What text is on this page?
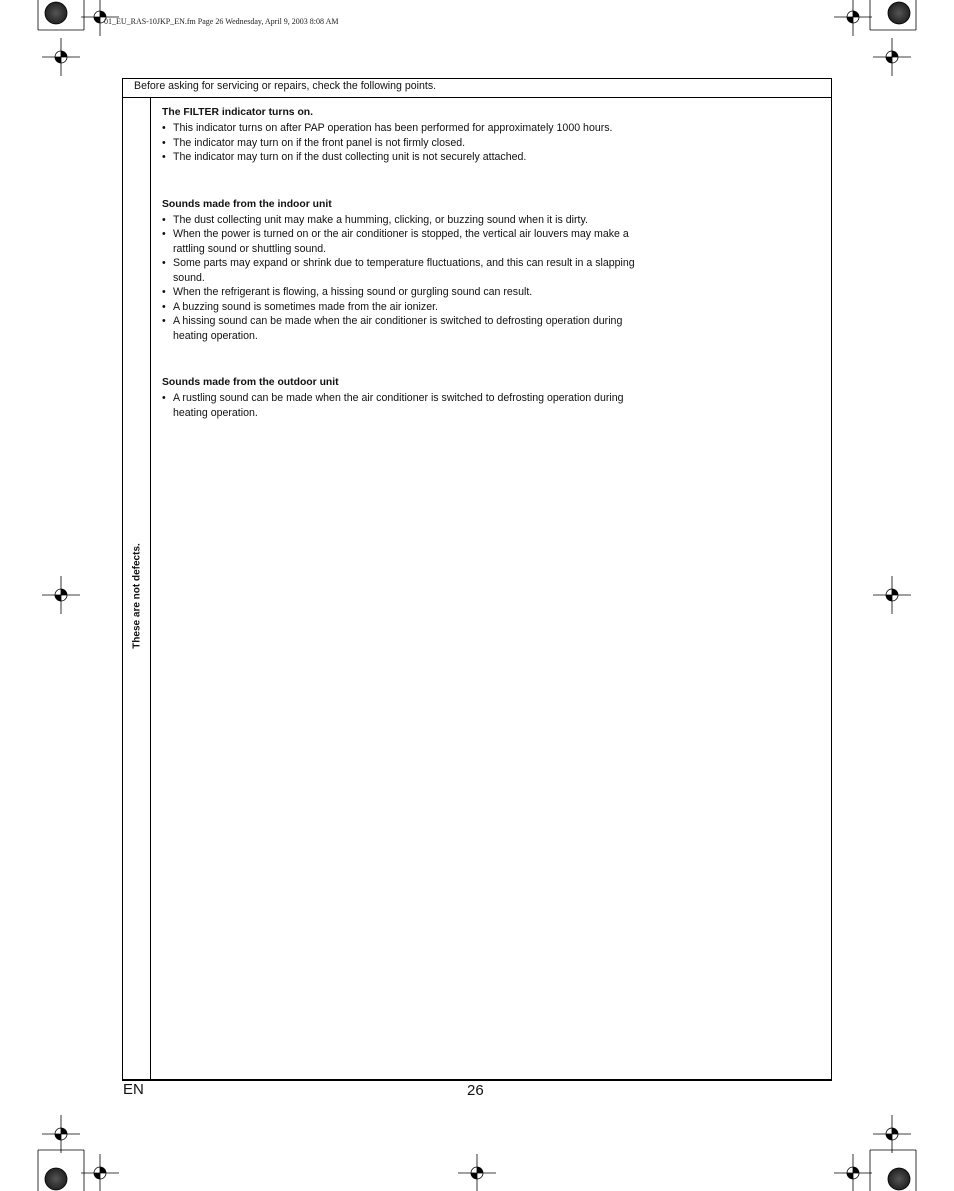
01_EU_RAS-10JKP_EN.fm Page 26 Wednesday, April 9, 2003 8:08 AM
Before asking for servicing or repairs, check the following points.
These are not defects.
The FILTER indicator turns on.
• This indicator turns on after PAP operation has been performed for approximately 1000 hours.
• The indicator may turn on if the front panel is not firmly closed.
• The indicator may turn on if the dust collecting unit is not securely attached.
Sounds made from the indoor unit
• The dust collecting unit may make a humming, clicking, or buzzing sound when it is dirty.
• When the power is turned on or the air conditioner is stopped, the vertical air louvers may make a rattling sound or shuttling sound.
• Some parts may expand or shrink due to temperature fluctuations, and this can result in a slapping sound.
• When the refrigerant is flowing, a hissing sound or gurgling sound can result.
• A buzzing sound is sometimes made from the air ionizer.
• A hissing sound can be made when the air conditioner is switched to defrosting operation during heating operation.
Sounds made from the outdoor unit
• A rustling sound can be made when the air conditioner is switched to defrosting operation during heating operation.
EN	26
